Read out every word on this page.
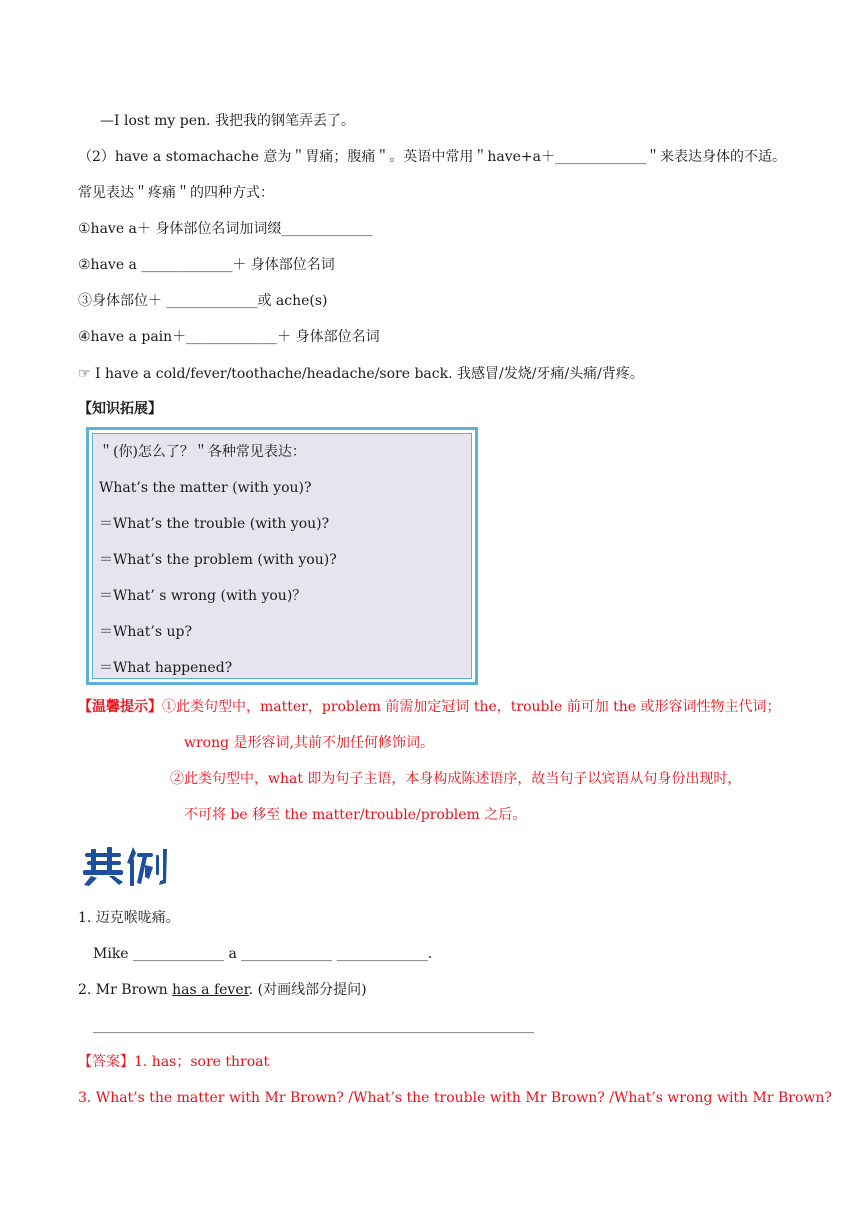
—I lost my pen. 我把我的钢笔弄丢了。
（2）have a stomachache 意为＂胃痛；腹痛＂。英语中常用＂have+a＋_____________＂来表达身体的不适。
常见表达＂疼痛＂的四种方式：
①have a＋ 身体部位名词加词缀_____________
②have a _____________＋ 身体部位名词
③身体部位＋ _____________或 ache(s)
④have a pain＋_____________＋ 身体部位名词
☞ I have a cold/fever/toothache/headache/sore back. 我感冒/发烧/牙痛/头痛/背疼。
【知识拓展】
＂(你)怎么了？＂各种常见表达：
What’s the matter (with you)?
＝What’s the trouble (with you)?
＝What’s the problem (with you)?
＝What’ s wrong (with you)？
＝What’s up?
＝What happened?
【温馨提示】①此类句型中，matter，problem 前需加定冠词 the，trouble 前可加 the 或形容词性物主代词；
wrong 是形容词,其前不加任何修饰词。
②此类句型中，what 即为句子主语，本身构成陈述语序，故当句子以宾语从句身份出现时，
不可将 be 移至 the matter/trouble/problem 之后。
1. 迈克喉咙痛。
Mike _____________ a _____________ _____________.
2. Mr Brown has a fever. (对画线部分提问)
_______________________________________________________________
【答案】1. has；sore throat
3. What’s the matter with Mr Brown? /What’s the trouble with Mr Brown? /What’s wrong with Mr Brown?
